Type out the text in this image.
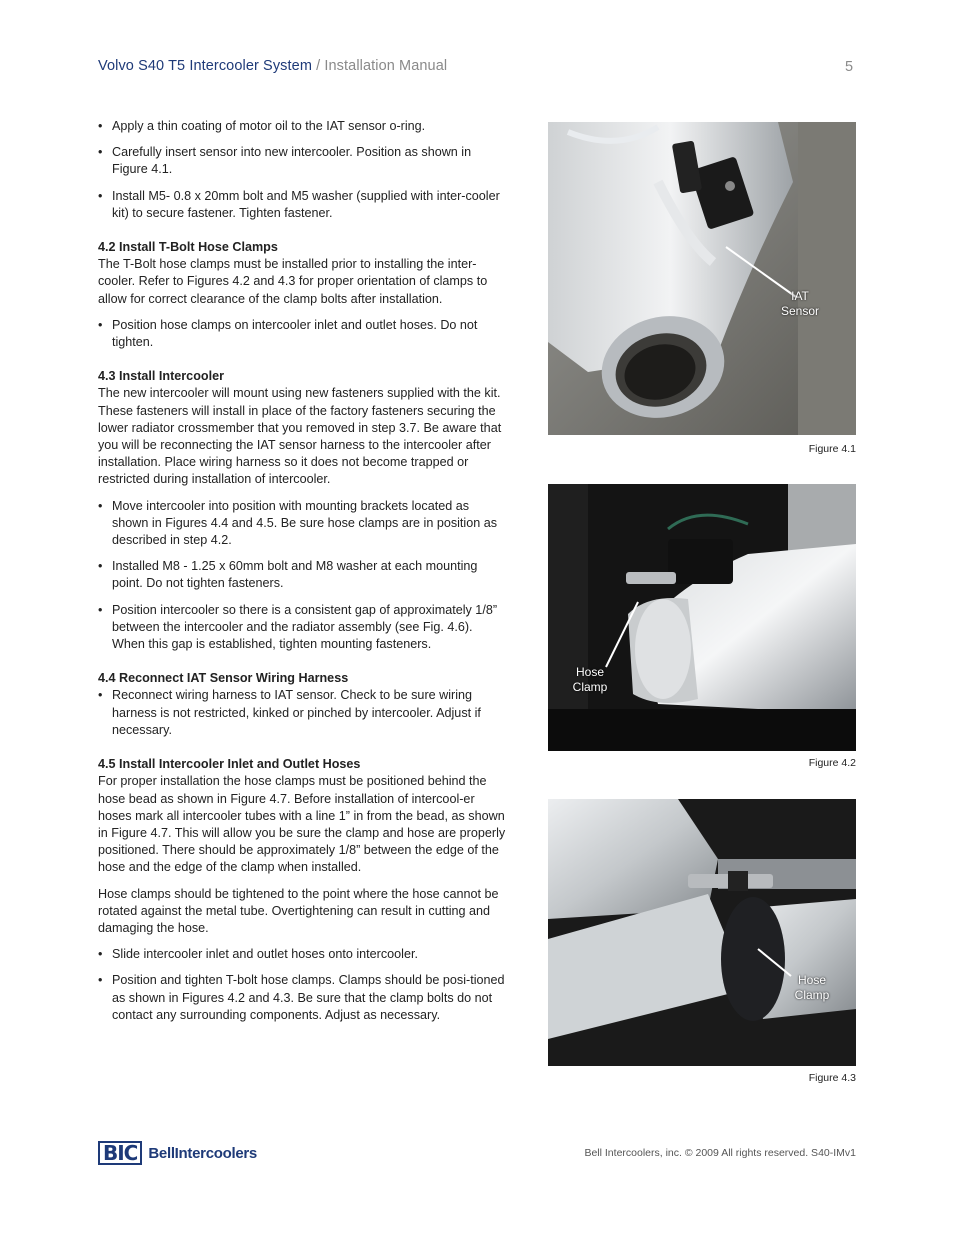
Volvo S40 T5 Intercooler System / Installation Manual	5
• Apply a thin coating of motor oil to the IAT sensor o-ring.
• Carefully insert sensor into new intercooler. Position as shown in Figure 4.1.
• Install M5- 0.8 x 20mm bolt and M5 washer (supplied with inter-cooler kit) to secure fastener. Tighten fastener.
4.2 Install T-Bolt Hose Clamps

The T-Bolt hose clamps must be installed prior to installing the inter-cooler. Refer to Figures 4.2 and 4.3 for proper orientation of clamps to allow for correct clearance of the clamp bolts after installation.

• Position hose clamps on intercooler inlet and outlet hoses. Do not tighten.
4.3 Install Intercooler

The new intercooler will mount using new fasteners supplied with the kit. These fasteners will install in place of the factory fasteners securing the lower radiator crossmember that you removed in step 3.7. Be aware that you will be reconnecting the IAT sensor harness to the intercooler after installation. Place wiring harness so it does not become trapped or restricted during installation of intercooler.

• Move intercooler into position with mounting brackets located as shown in Figures 4.4 and 4.5. Be sure hose clamps are in position as described in step 4.2.
• Installed M8 - 1.25 x 60mm bolt and M8 washer at each mounting point. Do not tighten fasteners.
• Position intercooler so there is a consistent gap of approximately 1/8” between the intercooler and the radiator assembly (see Fig. 4.6). When this gap is established, tighten mounting fasteners.
4.4 Reconnect IAT Sensor Wiring Harness
• Reconnect wiring harness to IAT sensor. Check to be sure wiring harness is not restricted, kinked or pinched by intercooler. Adjust if necessary.
4.5 Install Intercooler Inlet and Outlet Hoses

For proper installation the hose clamps must be positioned behind the hose bead as shown in Figure 4.7. Before installation of intercool-er hoses mark all intercooler tubes with a line 1” in from the bead, as shown in Figure 4.7. This will allow you be sure the clamp and hose are properly positioned. There should be approximately 1/8” between the edge of the hose and the edge of the clamp when installed.

Hose clamps should be tightened to the point where the hose cannot be rotated against the metal tube. Overtightening can result in cutting and damaging the hose.

• Slide intercooler inlet and outlet hoses onto intercooler.
• Position and tighten T-bolt hose clamps. Clamps should be posi-tioned as shown in Figures 4.2 and 4.3. Be sure that the clamp bolts do not contact any surrounding components. Adjust as necessary.
IAT
Sensor
Figure 4.1
Hose
Clamp
Figure 4.2
Hose
Clamp
Figure 4.3
BIC BellIntercoolers	Bell Intercoolers, inc. © 2009 All rights reserved. S40-IMv1
